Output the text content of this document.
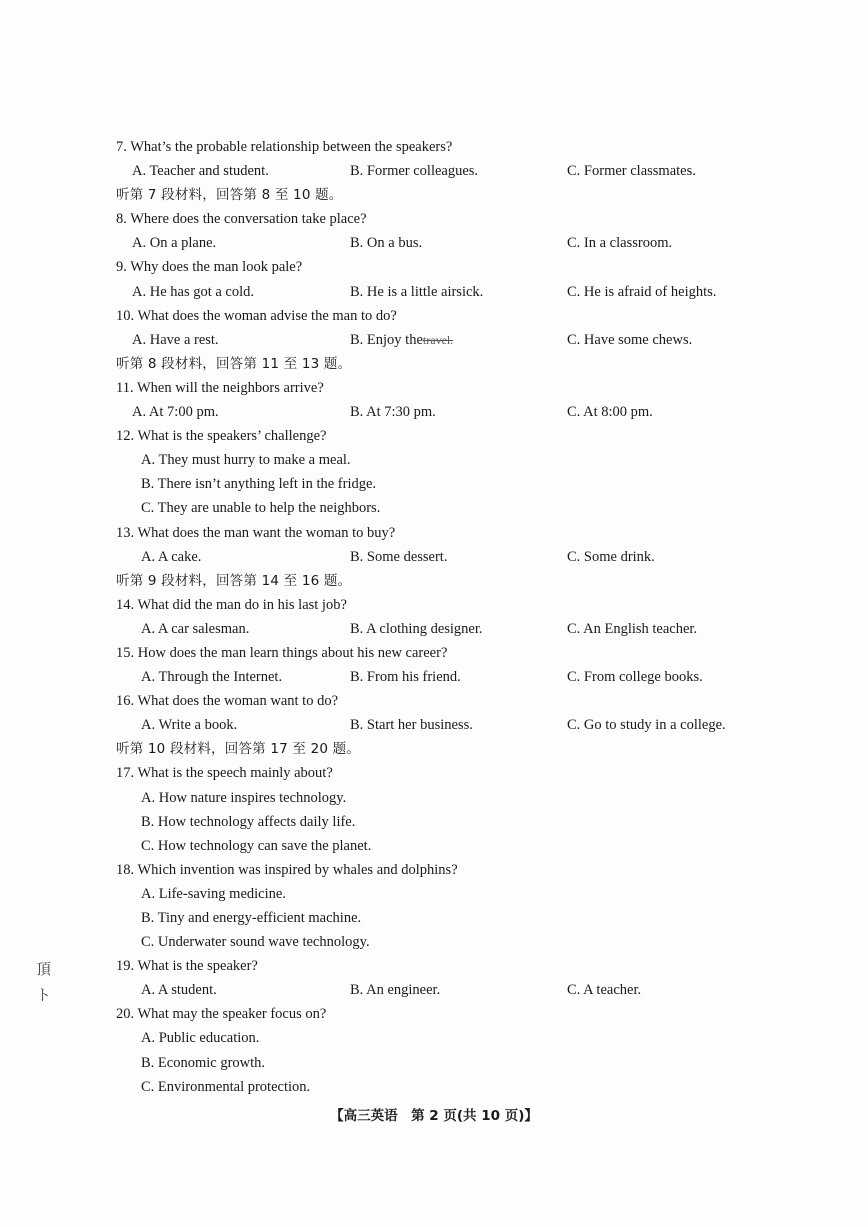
7. What’s the probable relationship between the speakers?
A. Teacher and student.	B. Former colleagues.	C. Former classmates.
听第 7 段材料，回答第 8 至 10 题。
8. Where does the conversation take place?
A. On a plane.	B. On a bus.	C. In a classroom.
9. Why does the man look pale?
A. He has got a cold.	B. He is a little airsick.	C. He is afraid of heights.
10. What does the woman advise the man to do?
A. Have a rest.	B. Enjoy thetravel.	C. Have some chews.
听第 8 段材料，回答第 11 至 13 题。
11. When will the neighbors arrive?
A. At 7:00 pm.	B. At 7:30 pm.	C. At 8:00 pm.
12. What is the speakers’ challenge?
A. They must hurry to make a meal.
B. There isn’t anything left in the fridge.
C. They are unable to help the neighbors.
13. What does the man want the woman to buy?
A. A cake.	B. Some dessert.	C. Some drink.
听第 9 段材料，回答第 14 至 16 题。
14. What did the man do in his last job?
A. A car salesman.	B. A clothing designer.	C. An English teacher.
15. How does the man learn things about his new career?
A. Through the Internet.	B. From his friend.	C. From college books.
16. What does the woman want to do?
A. Write a book.	B. Start her business.	C. Go to study in a college.
听第 10 段材料，回答第 17 至 20 题。
17. What is the speech mainly about?
A. How nature inspires technology.
B. How technology affects daily life.
C. How technology can save the planet.
18. Which invention was inspired by whales and dolphins?
A. Life-saving medicine.
B. Tiny and energy-efficient machine.
C. Underwater sound wave technology.
19. What is the speaker?
A. A student.	B. An engineer.	C. A teacher.
20. What may the speaker focus on?
A. Public education.
B. Economic growth.
C. Environmental protection.
頂
ト
【高三英语　第 2 页(共 10 页)】
